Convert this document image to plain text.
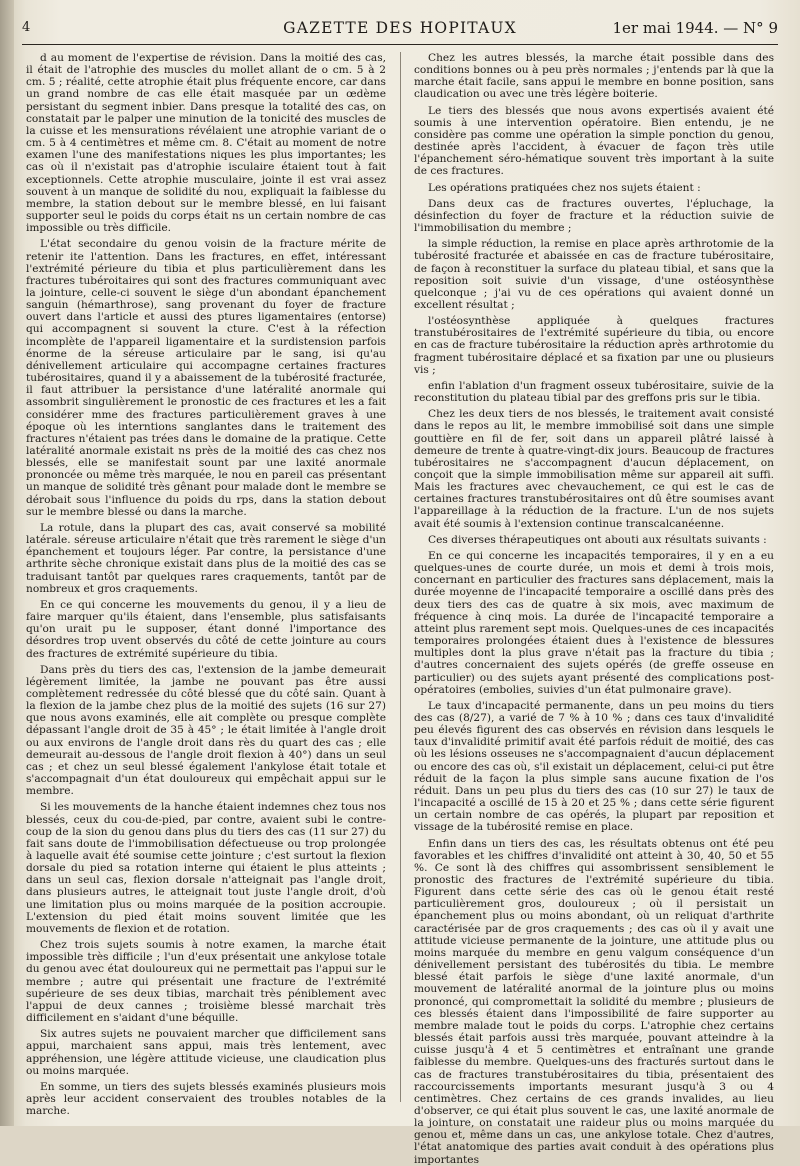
4	GAZETTE DES HOPITAUX	1er mai 1944. — N° 9

d au moment de l'expertise de révision. Dans la moitié des cas, il était de l'atrophie des muscles du mollet allant de o cm. 5 à 2 cm. 5 ; réalité, cette atrophie était plus fréquente encore, car dans un grand nombre de cas elle était masquée par un œdème persistant du segment inbier. Dans presque la totalité des cas, on constatait par le palper une minution de la tonicité des muscles de la cuisse et les mensurations révélaient une atrophie variant de o cm. 5 à 4 centimètres et même cm. 8. C'était au moment de notre examen l'une des manifestations niques les plus importantes; les cas où il n'existait pas d'atrophie isculaire étaient tout à fait exceptionnels. Cette atrophie musculaire, jointe il est vrai assez souvent à un manque de solidité du nou, expliquait la faiblesse du membre, la station debout sur le membre blessé, en lui faisant supporter seul le poids du corps était ns un certain nombre de cas impossible ou très difficile.

L'état secondaire du genou voisin de la fracture mérite de retenir ite l'attention. Dans les fractures, en effet, intéressant l'extrémité périeure du tibia et plus particulièrement dans les fractures tubéroitaires qui sont des fractures communiquant avec la jointure, celle-ci souvent le siège d'un abondant épanchement sanguin (hémarthrose), sang provenant du foyer de fracture ouvert dans l'article et aussi des ptures ligamentaires (entorse) qui accompagnent si souvent la cture. C'est à la réfection incomplète de l'appareil ligamentaire et la surdistension parfois énorme de la séreuse articulaire par le sang, isi qu'au dénivellement articulaire qui accompagne certaines fractures tubérositaires, quand il y a abaissement de la tubérosité fracturée, il faut attribuer la persistance d'une latéralité anormale qui assombrit singulièrement le pronostic de ces fractures et les a fait considérer mme des fractures particulièrement graves à une époque où les interntions sanglantes dans le traitement des fractures n'étaient pas trées dans le domaine de la pratique. Cette latéralité anormale existait ns près de la moitié des cas chez nos blessés, elle se manifestait sount par une laxité anormale prononcée ou même très marquée, le nou en pareil cas présentant un manque de solidité très gênant pour malade dont le membre se dérobait sous l'influence du poids du rps, dans la station debout sur le membre blessé ou dans la marche.

La rotule, dans la plupart des cas, avait conservé sa mobilité latérale. séreuse articulaire n'était que très rarement le siège d'un épanchement et toujours léger. Par contre, la persistance d'une arthrite sèche chronique existait dans plus de la moitié des cas se traduisant tantôt par quelques rares craquements, tantôt par de nombreux et gros craquements.

En ce qui concerne les mouvements du genou, il y a lieu de faire marquer qu'ils étaient, dans l'ensemble, plus satisfaisants qu'on urait pu le supposer, étant donné l'importance des désordres trop uvent observés du côté de cette jointure au cours des fractures de extrémité supérieure du tibia.

Dans près du tiers des cas, l'extension de la jambe demeurait légèrement limitée, la jambe ne pouvant pas être aussi complètement redressée du côté blessé que du côté sain. Quant à la flexion de la jambe chez plus de la moitié des sujets (16 sur 27) que nous avons examinés, elle ait complète ou presque complète dépassant l'angle droit de 35 à 45° ; le était limitée à l'angle droit ou aux environs de l'angle droit dans rès du quart des cas ; elle demeurait au-dessous de l'angle droit flexion à 40°) dans un seul cas ; et chez un seul blessé également l'ankylose était totale et s'accompagnait d'un état douloureux qui empêchait appui sur le membre.

Si les mouvements de la hanche étaient indemnes chez tous nos blessés, ceux du cou-de-pied, par contre, avaient subi le contre-coup de la sion du genou dans plus du tiers des cas (11 sur 27) du fait sans doute de l'immobilisation défectueuse ou trop prolongée à laquelle avait été soumise cette jointure ; c'est surtout la flexion dorsale du pied sa rotation interne qui étaient le plus atteints ; dans un seul cas, flexion dorsale n'atteignait pas l'angle droit, dans plusieurs autres, le atteignait tout juste l'angle droit, d'où une limitation plus ou moins marquée de la position accroupie. L'extension du pied était moins souvent limitée que les mouvements de flexion et de rotation.

Chez trois sujets soumis à notre examen, la marche était impossible très difficile ; l'un d'eux présentait une ankylose totale du genou avec état douloureux qui ne permettait pas l'appui sur le membre ; autre qui présentait une fracture de l'extrémité supérieure de ses deux tibias, marchait très péniblement avec l'appui de deux cannes ; troisième blessé marchait très difficilement en s'aidant d'une béquille.

Six autres sujets ne pouvaient marcher que difficilement sans appui, marchaient sans appui, mais très lentement, avec appréhension, une légère attitude vicieuse, une claudication plus ou moins marquée.

En somme, un tiers des sujets blessés examinés plusieurs mois après leur accident conservaient des troubles notables de la marche.

Chez les autres blessés, la marche était possible dans des conditions bonnes ou à peu près normales ; j'entends par là que la marche était facile, sans appui le membre en bonne position, sans claudication ou avec une très légère boiterie.

Le tiers des blessés que nous avons expertisés avaient été soumis à une intervention opératoire. Bien entendu, je ne considère pas comme une opération la simple ponction du genou, destinée après l'accident, à évacuer de façon très utile l'épanchement séro-hématique souvent très important à la suite de ces fractures.

Les opérations pratiquées chez nos sujets étaient :

Dans deux cas de fractures ouvertes, l'épluchage, la désinfection du foyer de fracture et la réduction suivie de l'immobilisation du membre ;

la simple réduction, la remise en place après arthrotomie de la tubérosité fracturée et abaissée en cas de fracture tubérositaire, de façon à reconstituer la surface du plateau tibial, et sans que la reposition soit suivie d'un vissage, d'une ostéosynthèse quelconque ; j'ai vu de ces opérations qui avaient donné un excellent résultat ;

l'ostéosynthèse appliquée à quelques fractures transtubérositaires de l'extrémité supérieure du tibia, ou encore en cas de fracture tubérositaire la réduction après arthrotomie du fragment tubérositaire déplacé et sa fixation par une ou plusieurs vis ;

enfin l'ablation d'un fragment osseux tubérositaire, suivie de la reconstitution du plateau tibial par des greffons pris sur le tibia.

Chez les deux tiers de nos blessés, le traitement avait consisté dans le repos au lit, le membre immobilisé soit dans une simple gouttière en fil de fer, soit dans un appareil plâtré laissé à demeure de trente à quatre-vingt-dix jours. Beaucoup de fractures tubérositaires ne s'accompagnent d'aucun déplacement, on conçoit que la simple immobilisation même sur appareil ait suffi. Mais les fractures avec chevauchement, ce qui est le cas de certaines fractures transtubérositaires ont dû être soumises avant l'appareillage à la réduction de la fracture. L'un de nos sujets avait été soumis à l'extension continue transcalcanéenne.

Ces diverses thérapeutiques ont abouti aux résultats suivants :

En ce qui concerne les incapacités temporaires, il y en a eu quelques-unes de courte durée, un mois et demi à trois mois, concernant en particulier des fractures sans déplacement, mais la durée moyenne de l'incapacité temporaire a oscillé dans près des deux tiers des cas de quatre à six mois, avec maximum de fréquence à cinq mois. La durée de l'incapacité temporaire a atteint plus rarement sept mois. Quelques-unes de ces incapacités temporaires prolongées étaient dues à l'existence de blessures multiples dont la plus grave n'était pas la fracture du tibia ; d'autres concernaient des sujets opérés (de greffe osseuse en particulier) ou des sujets ayant présenté des complications post-opératoires (embolies, suivies d'un état pulmonaire grave).

Le taux d'incapacité permanente, dans un peu moins du tiers des cas (8/27), a varié de 7 % à 10 % ; dans ces taux d'invalidité peu élevés figurent des cas observés en révision dans lesquels le taux d'invalidité primitif avait été parfois réduit de moitié, des cas où les lésions osseuses ne s'accompagnaient d'aucun déplacement ou encore des cas où, s'il existait un déplacement, celui-ci put être réduit de la façon la plus simple sans aucune fixation de l'os réduit. Dans un peu plus du tiers des cas (10 sur 27) le taux de l'incapacité a oscillé de 15 à 20 et 25 % ; dans cette série figurent un certain nombre de cas opérés, la plupart par reposition et vissage de la tubérosité remise en place.

Enfin dans un tiers des cas, les résultats obtenus ont été peu favorables et les chiffres d'invalidité ont atteint à 30, 40, 50 et 55 %. Ce sont là des chiffres qui assombrissent sensiblement le pronostic des fractures de l'extrémité supérieure du tibia. Figurent dans cette série des cas où le genou était resté particulièrement gros, douloureux ; où il persistait un épanchement plus ou moins abondant, où un reliquat d'arthrite caractérisée par de gros craquements ; des cas où il y avait une attitude vicieuse permanente de la jointure, une attitude plus ou moins marquée du membre en genu valgum conséquence d'un dénivellement persistant des tubérosités du tibia. Le membre blessé était parfois le siège d'une laxité anormale, d'un mouvement de latéralité anormal de la jointure plus ou moins prononcé, qui compromettait la solidité du membre ; plusieurs de ces blessés étaient dans l'impossibilité de faire supporter au membre malade tout le poids du corps. L'atrophie chez certains blessés était parfois aussi très marquée, pouvant atteindre à la cuisse jusqu'à 4 et 5 centimètres et entraînant une grande faiblesse du membre. Quelques-uns des fracturés surtout dans le cas de fractures transtubérositaires du tibia, présentaient des raccourcissements importants mesurant jusqu'à 3 ou 4 centimètres. Chez certains de ces grands invalides, au lieu d'observer, ce qui était plus souvent le cas, une laxité anormale de la jointure, on constatait une raideur plus ou moins marquée du genou et, même dans un cas, une ankylose totale. Chez d'autres, l'état anatomique des parties avait conduit à des opérations plus importantes
